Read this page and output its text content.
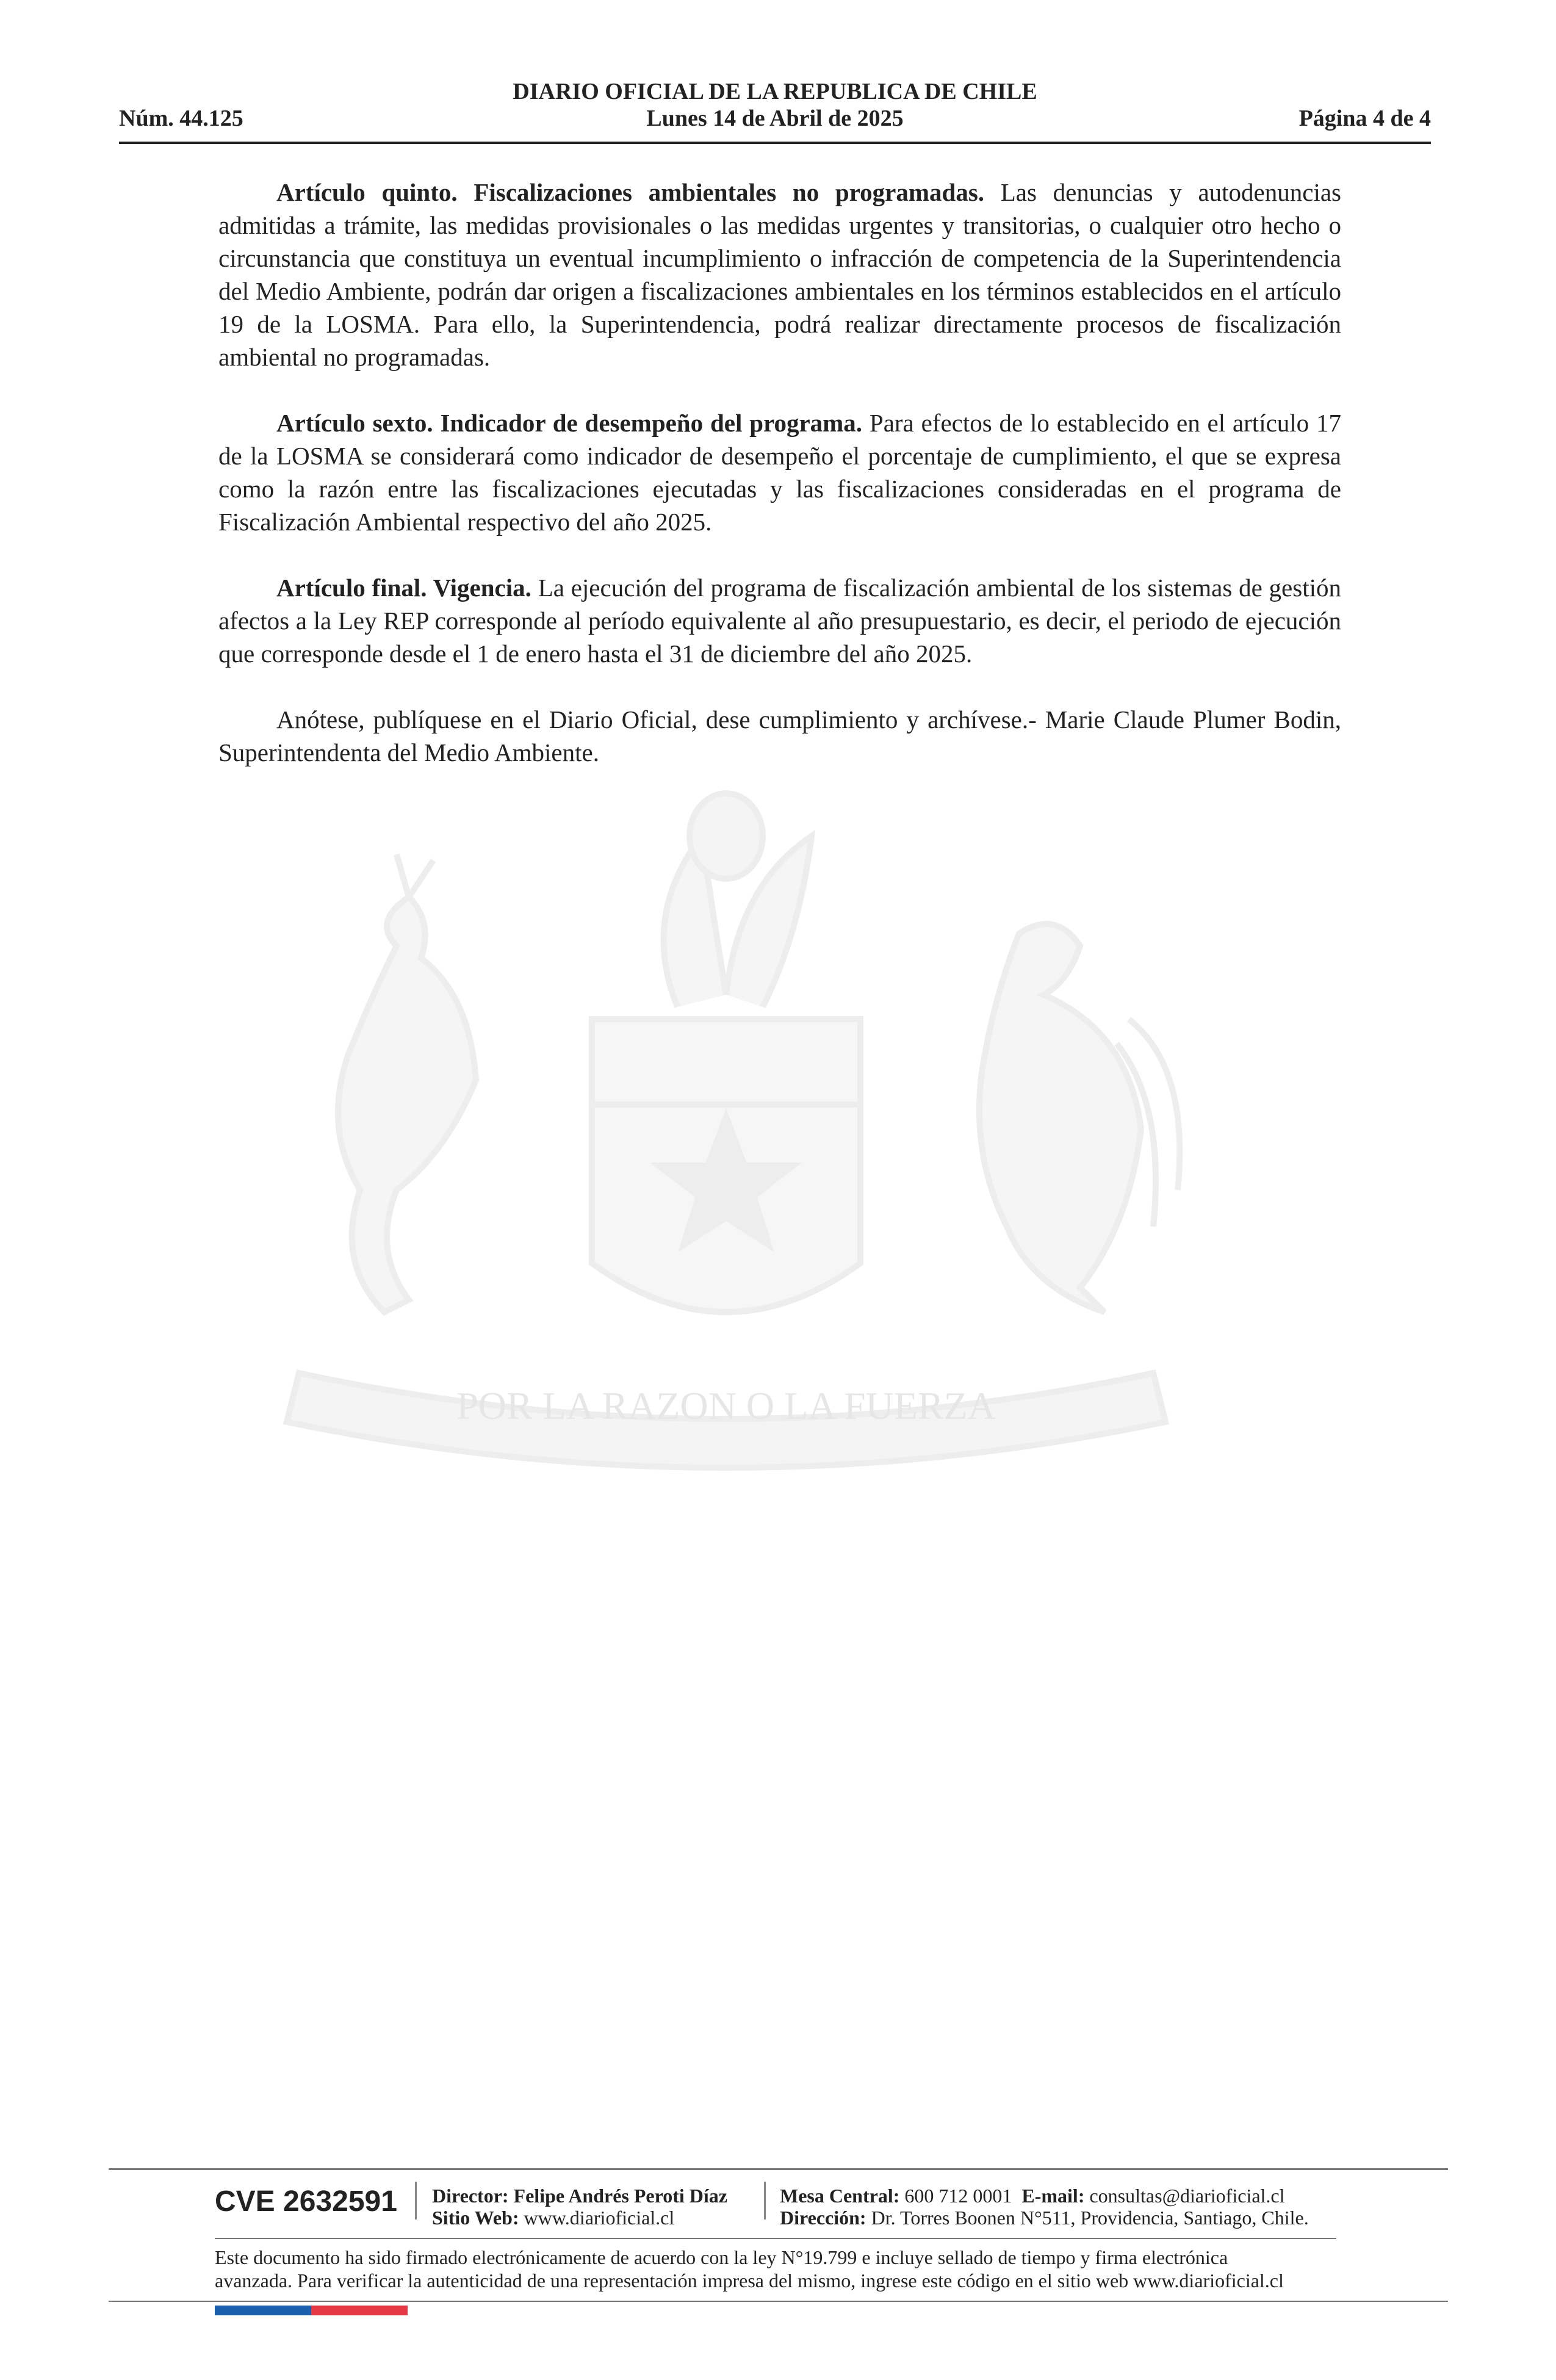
DIARIO OFICIAL DE LA REPUBLICA DE CHILE
Lunes 14 de Abril de 2025
Núm. 44.125	Página 4 de 4
POR LA RAZON O LA FUERZA

Artículo quinto. Fiscalizaciones ambientales no programadas. Las denuncias y autodenuncias admitidas a trámite, las medidas provisionales o las medidas urgentes y transitorias, o cualquier otro hecho o circunstancia que constituya un eventual incumplimiento o infracción de competencia de la Superintendencia del Medio Ambiente, podrán dar origen a fiscalizaciones ambientales en los términos establecidos en el artículo 19 de la LOSMA. Para ello, la Superintendencia, podrá realizar directamente procesos de fiscalización ambiental no programadas.

Artículo sexto. Indicador de desempeño del programa. Para efectos de lo establecido en el artículo 17 de la LOSMA se considerará como indicador de desempeño el porcentaje de cumplimiento, el que se expresa como la razón entre las fiscalizaciones ejecutadas y las fiscalizaciones consideradas en el programa de Fiscalización Ambiental respectivo del año 2025.

Artículo final. Vigencia. La ejecución del programa de fiscalización ambiental de los sistemas de gestión afectos a la Ley REP corresponde al período equivalente al año presupuestario, es decir, el periodo de ejecución que corresponde desde el 1 de enero hasta el 31 de diciembre del año 2025.

Anótese, publíquese en el Diario Oficial, dese cumplimiento y archívese.- Marie Claude Plumer Bodin, Superintendenta del Medio Ambiente.

CVE 2632591 Director: Felipe Andrés Peroti Díaz
Sitio Web: www.diarioficial.cl
Mesa Central: 600 712 0001 E-mail: consultas@diarioficial.cl
Dirección: Dr. Torres Boonen N°511, Providencia, Santiago, Chile.
Este documento ha sido firmado electrónicamente de acuerdo con la ley N°19.799 e incluye sellado de tiempo y firma electrónica
avanzada. Para verificar la autenticidad de una representación impresa del mismo, ingrese este código en el sitio web www.diarioficial.cl
